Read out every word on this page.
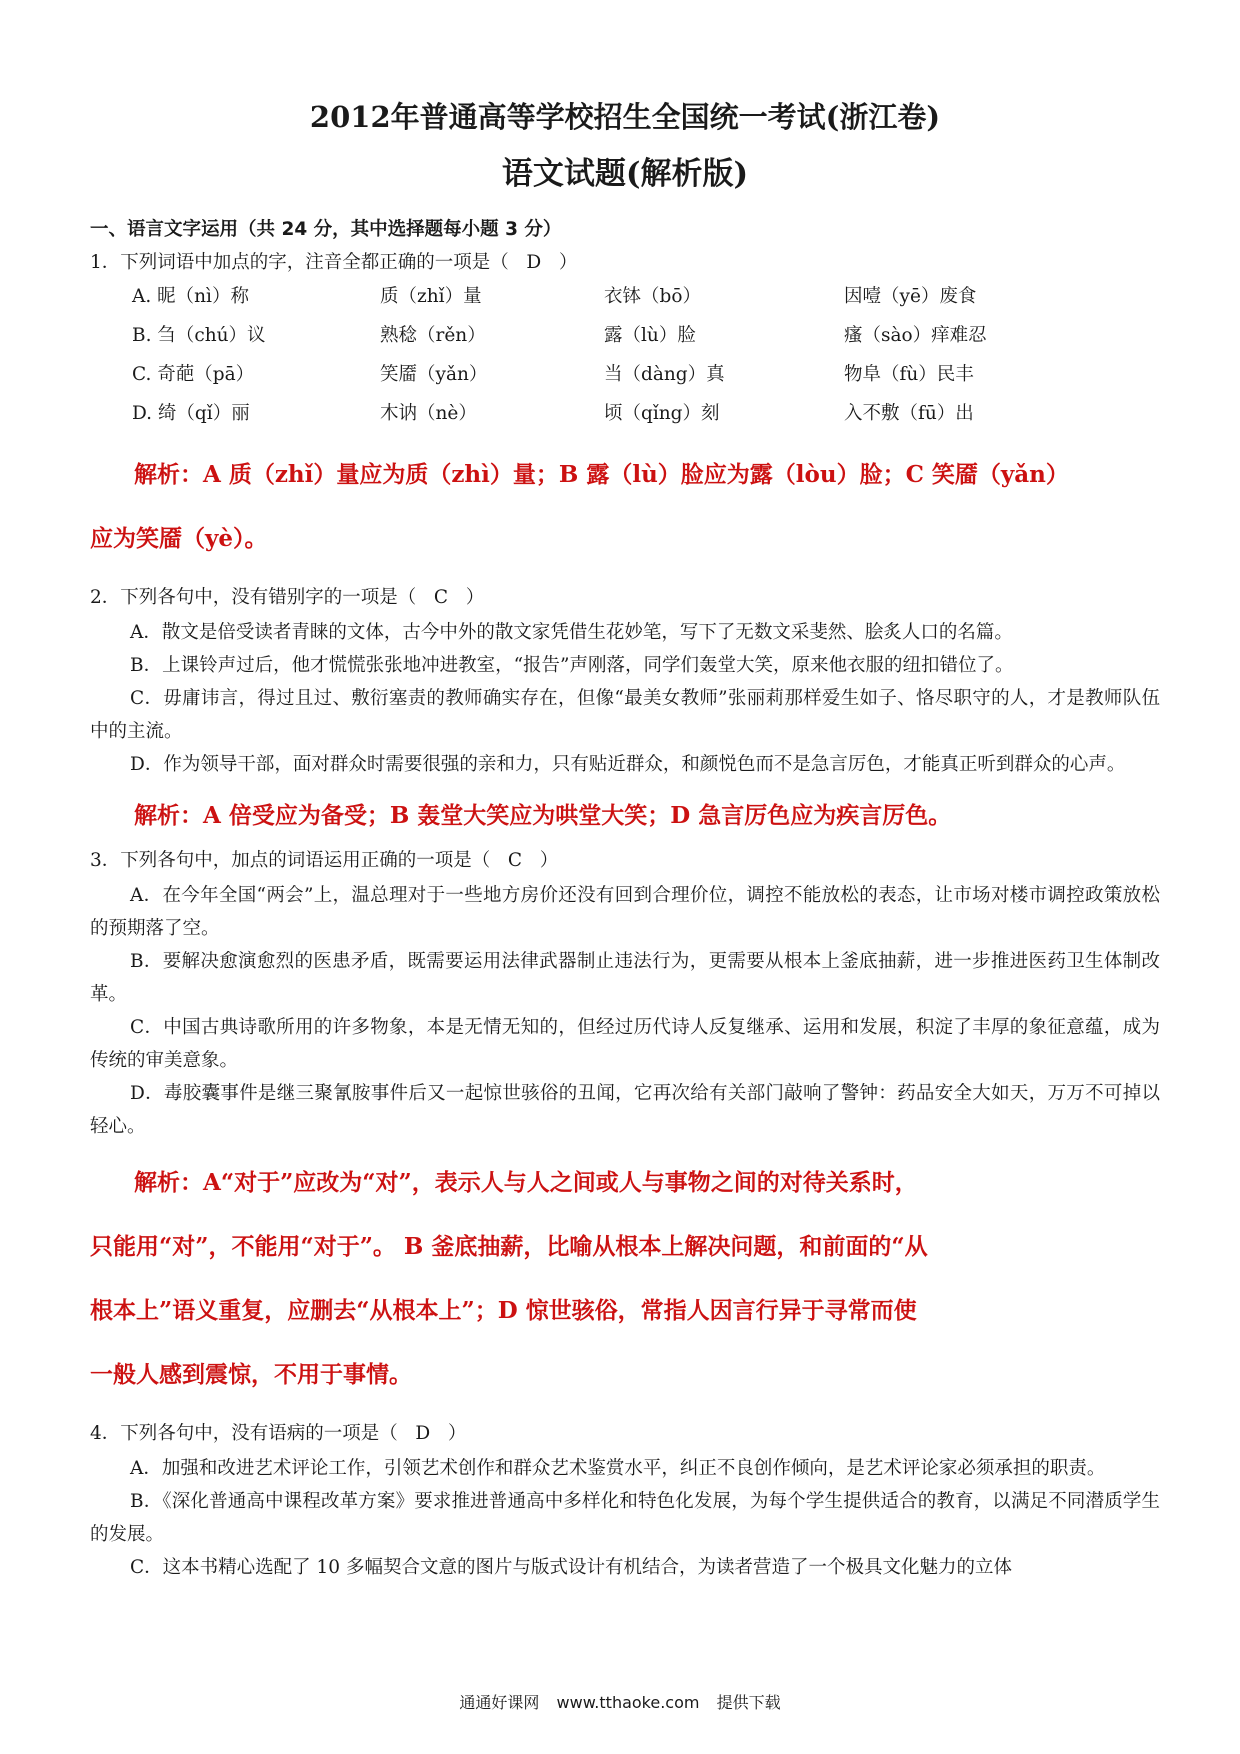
2012年普通高等学校招生全国统一考试(浙江卷)
语文试题(解析版)

一、语言文字运用（共 24 分，其中选择题每小题 3 分）

1．下列词语中加点的字，注音全都正确的一项是（   D   ）

A. 昵（nì）称	质（zhǐ）量	衣钵（bō）	因噎（yē）废食
B. 刍（chú）议	熟稔（rěn）	露（lù）脸	瘙（sào）痒难忍
C. 奇葩（pā）	笑靥（yǎn）	当（dàng）真	物阜（fù）民丰
D. 绮（qǐ）丽	木讷（nè）	顷（qǐng）刻	入不敷（fū）出

解析：A 质（zhǐ）量应为质（zhì）量；B 露（lù）脸应为露（lòu）脸；C 笑靥（yǎn）

应为笑靥（yè）。

2．下列各句中，没有错别字的一项是（   C   ）

A．散文是倍受读者青睐的文体，古今中外的散文家凭借生花妙笔，写下了无数文采斐然、脍炙人口的名篇。

B．上课铃声过后，他才慌慌张张地冲进教室，“报告”声刚落，同学们轰堂大笑，原来他衣服的纽扣错位了。

C．毋庸讳言，得过且过、敷衍塞责的教师确实存在，但像“最美女教师”张丽莉那样爱生如子、恪尽职守的人，才是教师队伍中的主流。

D．作为领导干部，面对群众时需要很强的亲和力，只有贴近群众，和颜悦色而不是急言厉色，才能真正听到群众的心声。

解析：A 倍受应为备受；B 轰堂大笑应为哄堂大笑；D 急言厉色应为疾言厉色。

3．下列各句中，加点的词语运用正确的一项是（   C   ）

A．在今年全国“两会”上，温总理对于一些地方房价还没有回到合理价位，调控不能放松的表态，让市场对楼市调控政策放松的预期落了空。

B．要解决愈演愈烈的医患矛盾，既需要运用法律武器制止违法行为，更需要从根本上釜底抽薪，进一步推进医药卫生体制改革。

C．中国古典诗歌所用的许多物象，本是无情无知的，但经过历代诗人反复继承、运用和发展，积淀了丰厚的象征意蕴，成为传统的审美意象。

D．毒胶囊事件是继三聚氰胺事件后又一起惊世骇俗的丑闻，它再次给有关部门敲响了警钟：药品安全大如天，万万不可掉以轻心。

解析：A“对于”应改为“对”，表示人与人之间或人与事物之间的对待关系时，

只能用“对”，不能用“对于”。 B 釜底抽薪，比喻从根本上解决问题，和前面的“从

根本上”语义重复，应删去“从根本上”；D 惊世骇俗，常指人因言行异于寻常而使

一般人感到震惊，不用于事情。

4．下列各句中，没有语病的一项是（   D   ）

A．加强和改进艺术评论工作，引领艺术创作和群众艺术鉴赏水平，纠正不良创作倾向，是艺术评论家必须承担的职责。

B．《深化普通高中课程改革方案》要求推进普通高中多样化和特色化发展，为每个学生提供适合的教育，以满足不同潜质学生的发展。

C．这本书精心选配了 10 多幅契合文意的图片与版式设计有机结合，为读者营造了一个极具文化魅力的立体

通通好课网 www.tthaoke.com 提供下载
